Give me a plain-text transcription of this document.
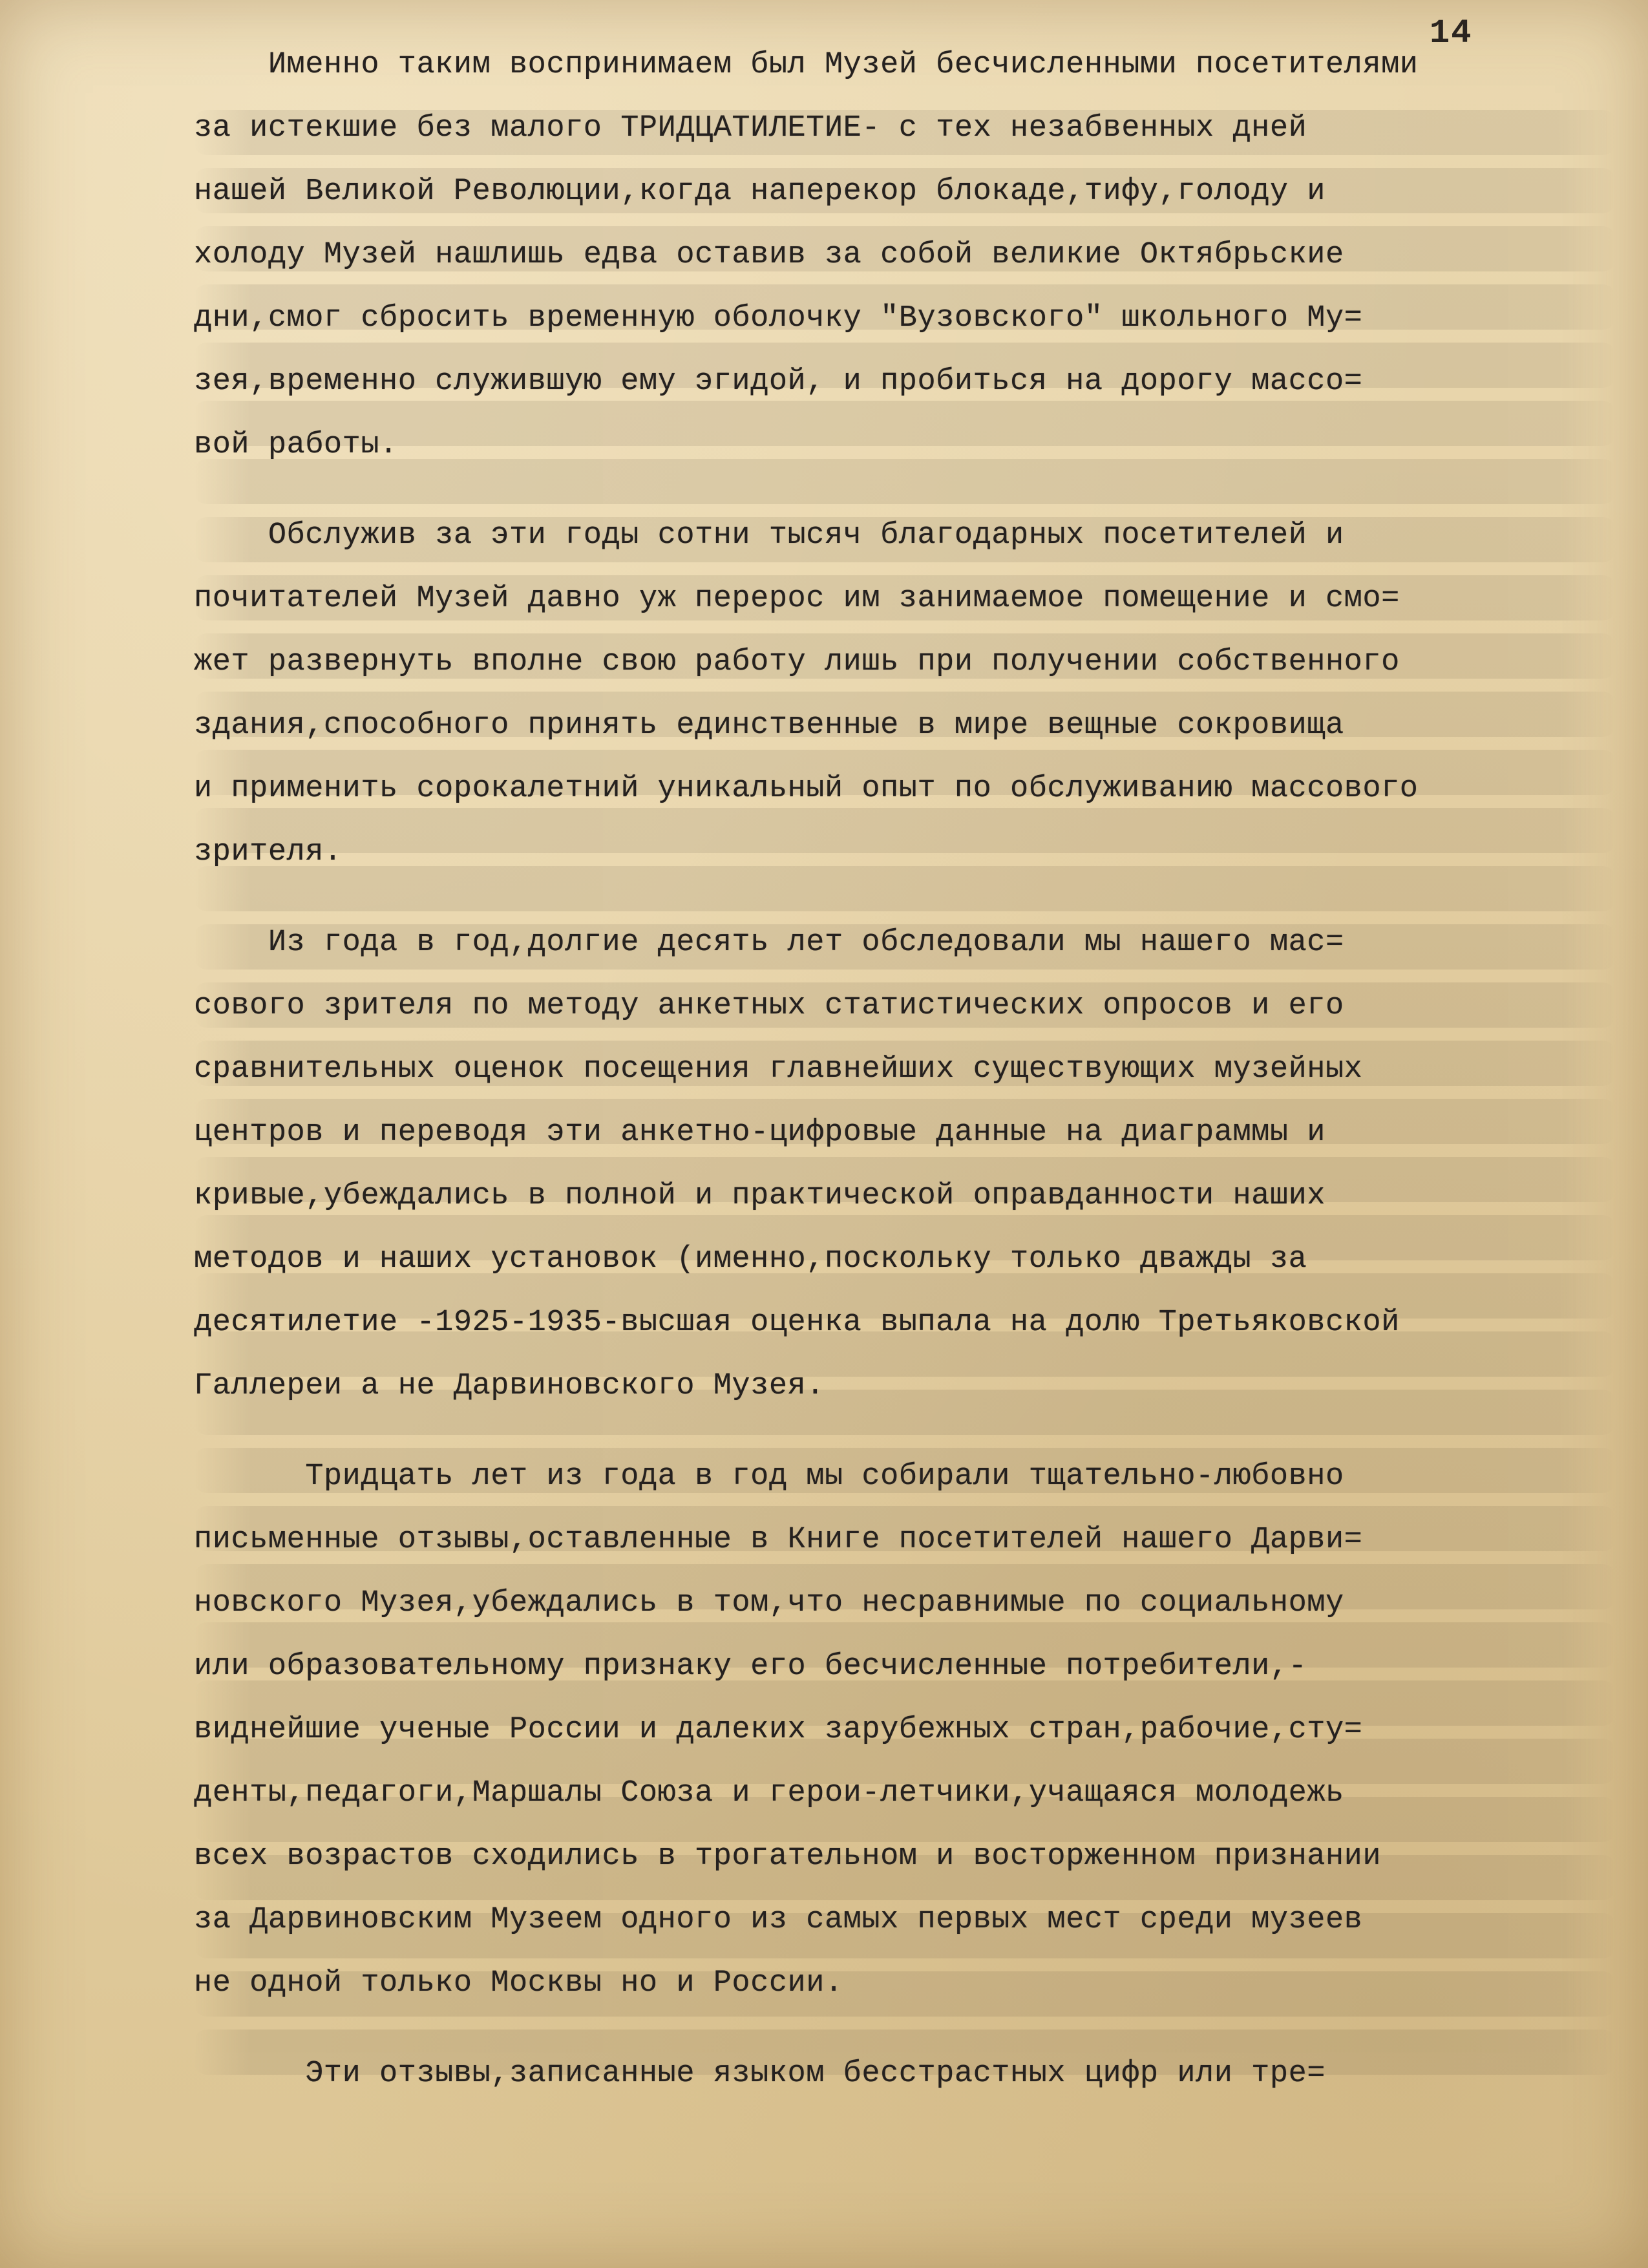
14
Именно таким воспринимаем был Музей бесчисленными посетителями
за истекшие без малого ТРИДЦАТИЛЕТИЕ- с тех незабвенных дней
нашей Великой Революции,когда наперекор блокаде,тифу,голоду и
холоду Музей нашлишь едва оставив за собой великие Октябрьские
дни,смог сбросить временную оболочку "Вузовского" школьного Му=
зея,временно служившую ему эгидой, и пробиться на дорогу массо=
вой работы.
Обслужив за эти годы сотни тысяч благодарных посетителей и
почитателей Музей давно уж перерос им занимаемое помещение и смо=
жет развернуть вполне свою работу лишь при получении собственного
здания,способного принять единственные в мире вещные сокровища
и применить сорокалетний уникальный опыт по обслуживанию массового
зрителя.
Из года в год,долгие десять лет обследовали мы нашего мас=
сового зрителя по методу анкетных статистических опросов и его
сравнительных оценок посещения главнейших существующих музейных
центров и переводя эти анкетно-цифровые данные на диаграммы и
кривые,убеждались в полной и практической оправданности наших
методов и наших установок (именно,поскольку только дважды за
десятилетие -1925-1935-высшая оценка выпала на долю Третьяковской
Галлереи а не Дарвиновского Музея.
Тридцать лет из года в год мы собирали тщательно-любовно
письменные отзывы,оставленные в Книге посетителей нашего Дарви=
новского Музея,убеждались в том,что несравнимые по социальному
или образовательному признаку его бесчисленные потребители,-
виднейшие ученые России и далеких зарубежных стран,рабочие,сту=
денты,педагоги,Маршалы Союза и герои-летчики,учащаяся молодежь
всех возрастов сходились в трогательном и восторженном признании
за Дарвиновским Музеем одного из самых первых мест среди музеев
не одной только Москвы но и России.
Эти отзывы,записанные языком бесстрастных цифр или тре=
